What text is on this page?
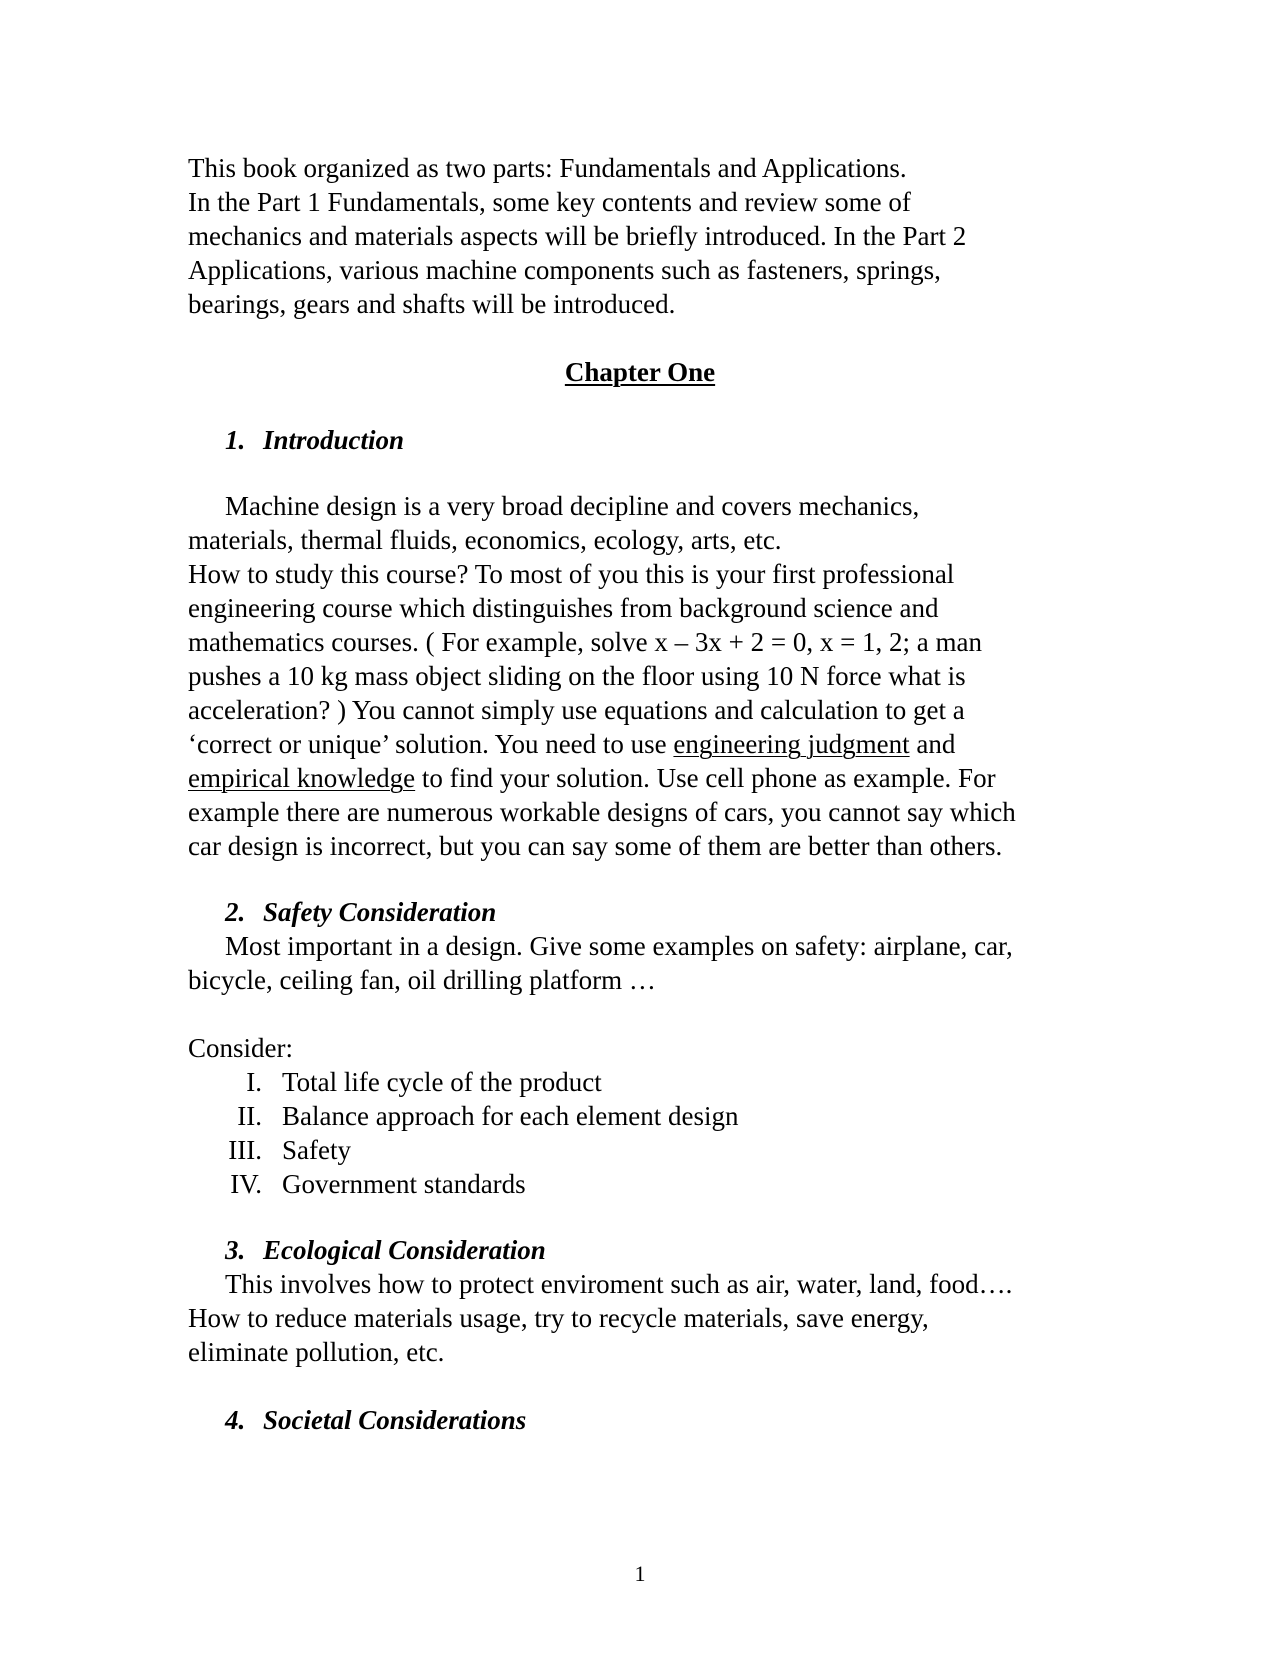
This book organized as two parts: Fundamentals and Applications.
In the Part 1 Fundamentals, some key contents and review some of
mechanics and materials aspects will be briefly introduced. In the Part 2
Applications, various machine components such as fasteners, springs,
bearings, gears and shafts will be introduced.
Chapter One
1. Introduction
Machine design is a very broad decipline and covers mechanics,
materials, thermal fluids, economics, ecology, arts, etc.
How to study this course? To most of you this is your first professional
engineering course which distinguishes from background science and
mathematics courses. ( For example, solve x – 3x + 2 = 0, x = 1, 2; a man
pushes a 10 kg mass object sliding on the floor using 10 N force what is
acceleration? ) You cannot simply use equations and calculation to get a
‘correct or unique’ solution. You need to use engineering judgment and
empirical knowledge to find your solution. Use cell phone as example. For
example there are numerous workable designs of cars, you cannot say which
car design is incorrect, but you can say some of them are better than others.
2. Safety Consideration
Most important in a design. Give some examples on safety: airplane, car,
bicycle, ceiling fan, oil drilling platform …
Consider:
I. Total life cycle of the product
II. Balance approach for each element design
III. Safety
IV. Government standards
3. Ecological Consideration
This involves how to protect enviroment such as air, water, land, food….
How to reduce materials usage, try to recycle materials, save energy,
eliminate pollution, etc.
4. Societal Considerations
1
